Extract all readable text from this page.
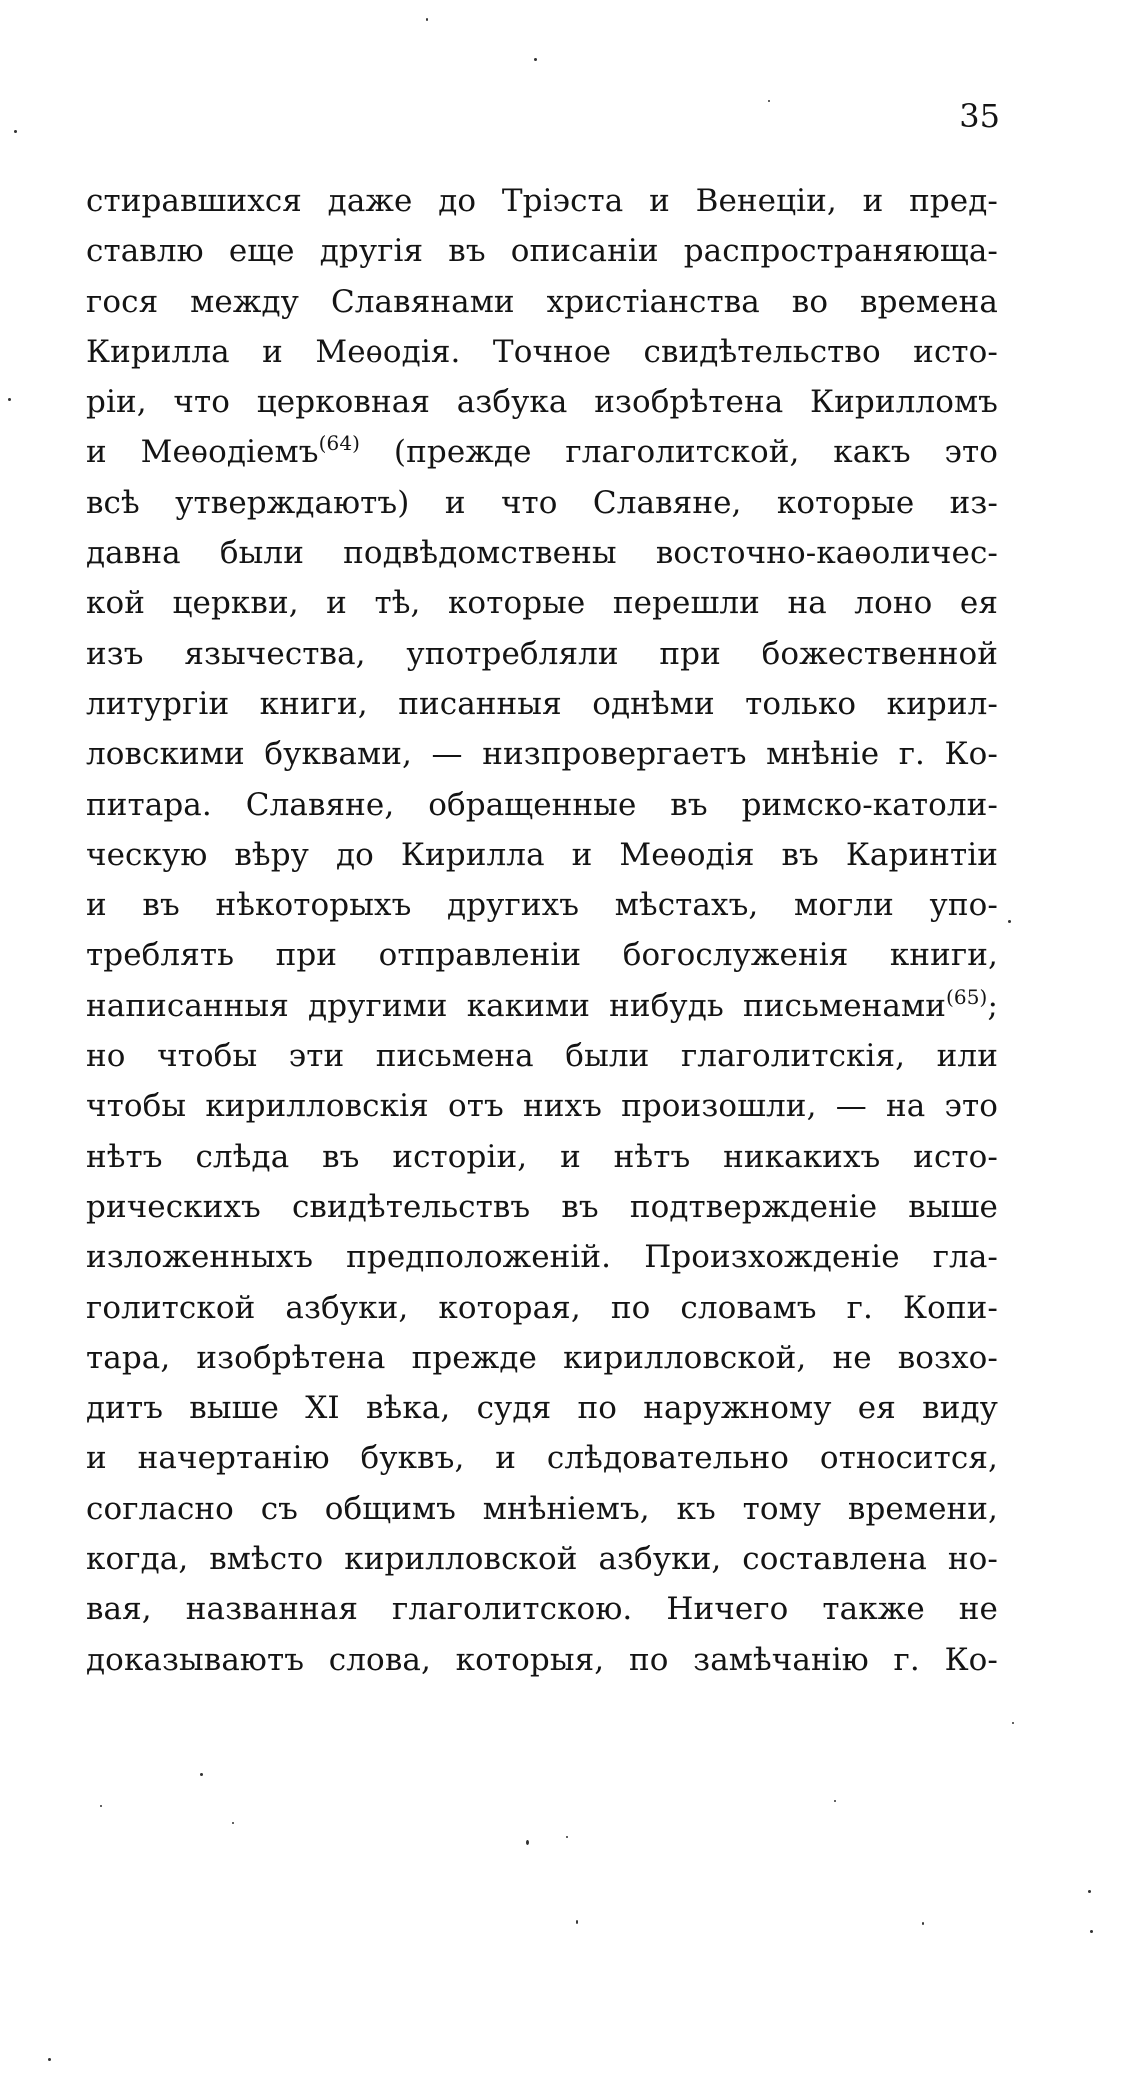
35
стиравшихся даже до Тріэста и Венеціи, и пред-
ставлю еще другія въ описаніи распространяюща-
гося между Славянами христіанства во времена
Кирилла и Меѳодія. Точное свидѣтельство исто-
ріи, что церковная азбука изобрѣтена Кирилломъ
и Меѳодіемъ$^{(64)}$ (прежде глаголитской, какъ это
всѣ утверждаютъ) и что Славяне, которые из-
давна были подвѣдомствены восточно-каѳоличес-
кой церкви, и тѣ, которые перешли на лоно ея
изъ язычества, употребляли при божественной
литургіи книги, писанныя однѣми только кирил-
ловскими буквами, — низпровергаетъ мнѣніе г. Ко-
питара. Славяне, обращенные въ римско-католи-
ческую вѣру до Кирилла и Меѳодія въ Каринтіи
и въ нѣкоторыхъ другихъ мѣстахъ, могли упо-
треблять при отправленіи богослуженія книги,
написанныя другими какими нибудь письменами$^{(65)}$;
но чтобы эти письмена были глаголитскія, или
чтобы кирилловскія отъ нихъ произошли, — на это
нѣтъ слѣда въ исторіи, и нѣтъ никакихъ исто-
рическихъ свидѣтельствъ въ подтвержденіе выше
изложенныхъ предположеній. Произхожденіе гла-
голитской азбуки, которая, по словамъ г. Копи-
тара, изобрѣтена прежде кирилловской, не возхо-
дитъ выше XI вѣка, судя по наружному ея виду
и начертанію буквъ, и слѣдовательно относится,
согласно съ общимъ мнѣніемъ, къ тому времени,
когда, вмѣсто кирилловской азбуки, составлена но-
вая, названная глаголитскою. Ничего также не
доказываютъ слова, которыя, по замѣчанію г. Ко-
